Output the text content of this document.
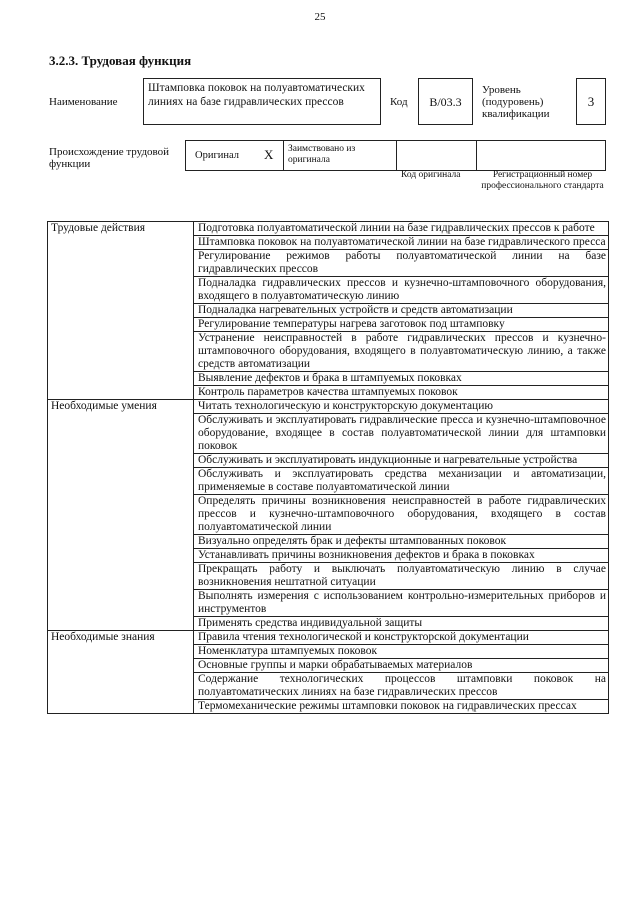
25
3.2.3. Трудовая функция
Наименование
Штамповка поковок на полуавтоматических линиях на базе гидравлических прессов	Код	В/03.3
Уровень (подуровень) квалификации
3
Происхождение трудовой функции
Оригинал X Заимствовано из оригинала
Код оригинала	Регистрационный номер профессионального стандарта
Трудовые действия	Подготовка полуавтоматической линии на базе гидравлических прессов к работе
	Штамповка поковок на полуавтоматической линии на базе гидравлического пресса
	Регулирование режимов работы полуавтоматической линии на базе гидравлических прессов
	Подналадка гидравлических прессов и кузнечно-штамповочного оборудования, входящего в полуавтоматическую линию
	Подналадка нагревательных устройств и средств автоматизации
	Регулирование температуры нагрева заготовок под штамповку
	Устранение неисправностей в работе гидравлических прессов и кузнечно-штамповочного оборудования, входящего в полуавтоматическую линию, а также средств автоматизации
	Выявление дефектов и брака в штампуемых поковках
	Контроль параметров качества штампуемых поковок
Необходимые умения	Читать технологическую и конструкторскую документацию
	Обслуживать и эксплуатировать гидравлические пресса и кузнечно-штамповочное оборудование, входящее в состав полуавтоматической линии для штамповки поковок
	Обслуживать и эксплуатировать индукционные и нагревательные устройства
	Обслуживать и эксплуатировать средства механизации и автоматизации, применяемые в составе полуавтоматической линии
	Определять причины возникновения неисправностей в работе гидравлических прессов и кузнечно-штамповочного оборудования, входящего в состав полуавтоматической линии
	Визуально определять брак и дефекты штампованных поковок
	Устанавливать причины возникновения дефектов и брака в поковках
	Прекращать работу и выключать полуавтоматическую линию в случае возникновения нештатной ситуации
	Выполнять измерения с использованием контрольно-измерительных приборов и инструментов
	Применять средства индивидуальной защиты
Необходимые знания	Правила чтения технологической и конструкторской документации
	Номенклатура штампуемых поковок
	Основные группы и марки обрабатываемых материалов
	Содержание технологических процессов штамповки поковок на полуавтоматических линиях на базе гидравлических прессов
	Термомеханические режимы штамповки поковок на гидравлических прессах
